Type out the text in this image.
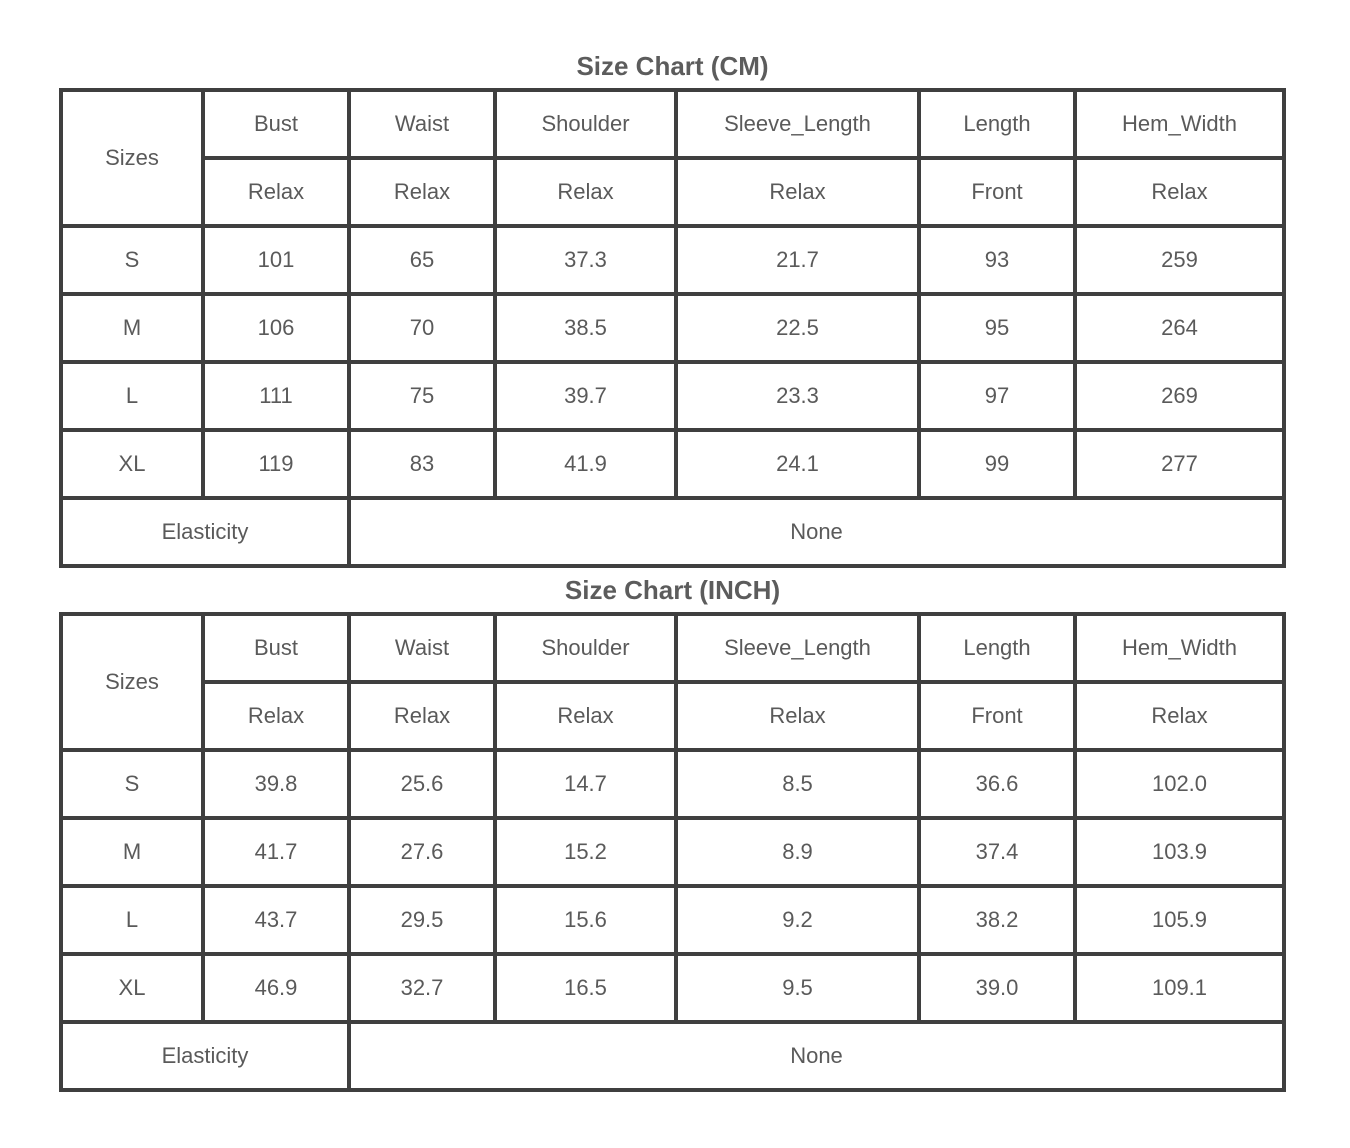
Size Chart (CM)
Sizes	Bust	Waist	Shoulder	Sleeve_Length	Length	Hem_Width
	Relax	Relax	Relax	Relax	Front	Relax
S	101	65	37.3	21.7	93	259
M	106	70	38.5	22.5	95	264
L	111	75	39.7	23.3	97	269
XL	119	83	41.9	24.1	99	277
Elasticity		None				
Size Chart (INCH)
Sizes	Bust	Waist	Shoulder	Sleeve_Length	Length	Hem_Width
	Relax	Relax	Relax	Relax	Front	Relax
S	39.8	25.6	14.7	8.5	36.6	102.0
M	41.7	27.6	15.2	8.9	37.4	103.9
L	43.7	29.5	15.6	9.2	38.2	105.9
XL	46.9	32.7	16.5	9.5	39.0	109.1
Elasticity		None				
